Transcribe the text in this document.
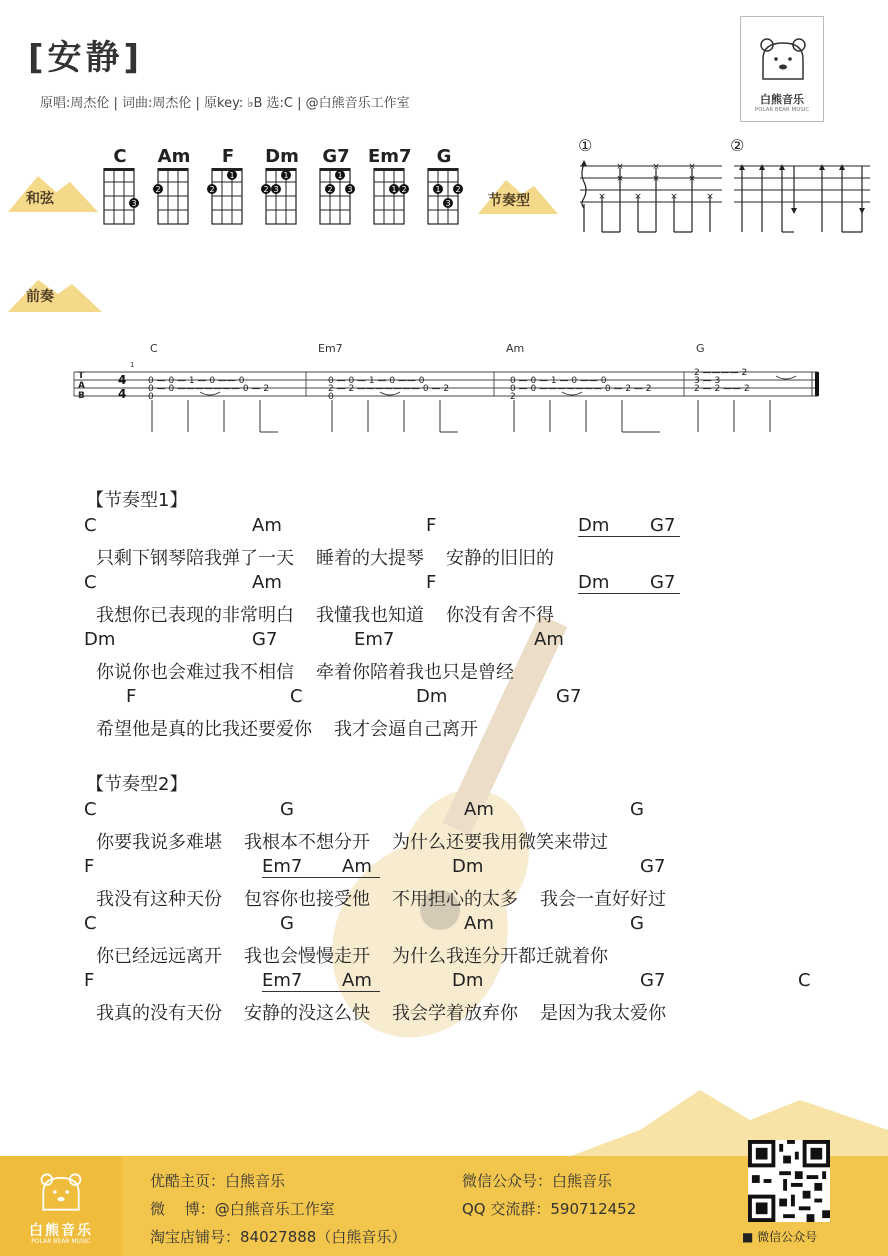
[安静]
原唱:周杰伦 | 词曲:周杰伦 | 原key: ♭B 选:C | @白熊音乐工作室	白熊音乐
POLAR BEAR MUSIC
和弦
C	Am	F	Dm	G7	Em7	G
3
2
1
2
1
2 3
1
2 3	1 2	1 2
3	节奏型
①	②
×
×
×
×
×
×
×
×
×
×
前奏
C	Em7	Am	G
1
T
A
B
4
4
0 — 0 — 1 — 0 —— 0
0 — 0 ——————— 0 — 2
0
0 — 0 — 1 — 0 —— 0
2 — 2 ——————— 0 — 2
0
0 — 0 — 1 — 0 —— 0
0 — 0 ——————— 0 — 2 — 2
2
2 ———— 2
3 — 3
2 — 2 —— 2
【节奏型1】
C	Am	F	Dm	G7
只剩下钢琴陪我弹了一天 睡着的大提琴 安静的旧旧的
C	Am	F	Dm	G7
我想你已表现的非常明白 我懂我也知道 你没有舍不得
Dm	G7	Em7	Am
你说你也会难过我不相信 牵着你陪着我也只是曾经
F	C	Dm	G7
希望他是真的比我还要爱你 我才会逼自己离开
【节奏型2】
C	G	Am	G
你要我说多难堪 我根本不想分开 为什么还要我用微笑来带过
F	Em7	Am	Dm	G7
我没有这种天份 包容你也接受他 不用担心的太多 我会一直好好过
C	G	Am	G
你已经远远离开 我也会慢慢走开 为什么我连分开都迁就着你
F	Em7	Am	Dm	G7	C
我真的没有天份 安静的没这么快 我会学着放弃你 是因为我太爱你
白熊音乐
POLAR BEAR MUSIC
优酷主页：白熊音乐
微　 博：@白熊音乐工作室
淘宝店铺号：84027888（白熊音乐）
微信公众号：白熊音乐
QQ 交流群：590712452
■ 微信公众号
